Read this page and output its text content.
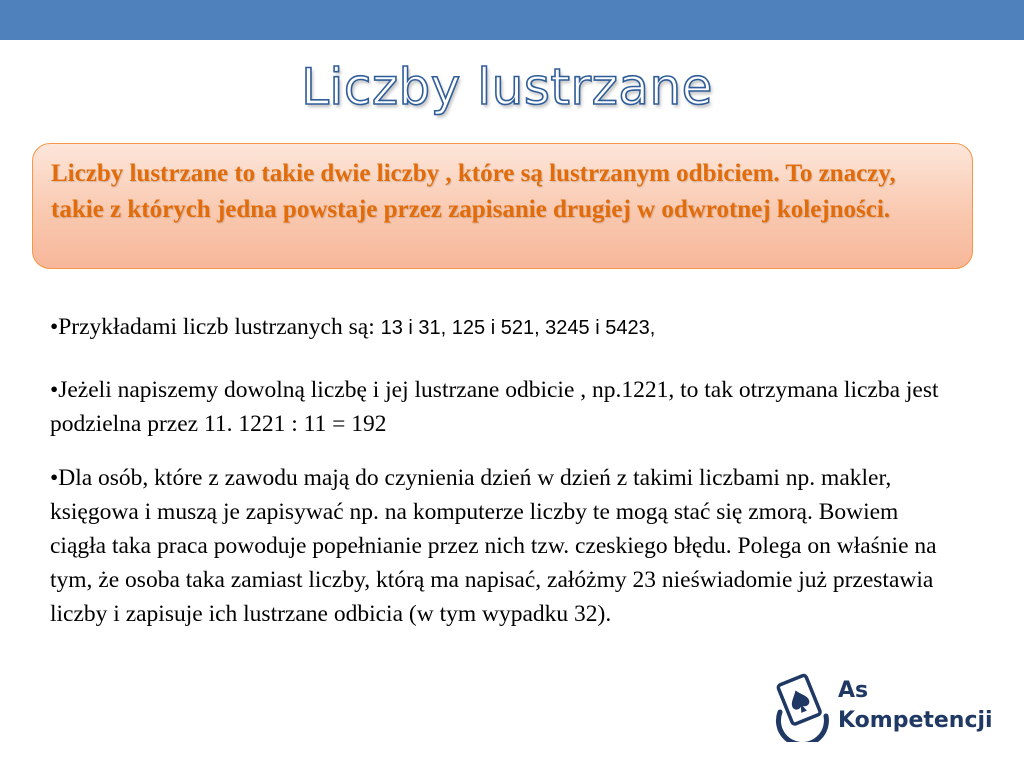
Liczby lustrzane
Liczby lustrzane to takie dwie liczby , które są lustrzanym odbiciem. To znaczy, takie z których jedna powstaje przez zapisanie drugiej w odwrotnej kolejności.

•Przykładami liczb lustrzanych są: 13 i 31, 125 i 521, 3245 i 5423,

•Jeżeli napiszemy dowolną liczbę i jej lustrzane odbicie , np.1221, to tak otrzymana liczba jest podzielna przez 11. 1221 : 11 = 192

•Dla osób, które z zawodu mają do czynienia dzień w dzień z takimi liczbami np. makler, księgowa i muszą je zapisywać np. na komputerze liczby te mogą stać się zmorą. Bowiem ciągła taka praca powoduje popełnianie przez nich tzw. czeskiego błędu. Polega on właśnie na tym, że osoba taka zamiast liczby, którą ma napisać, załóżmy 23 nieświadomie już przestawia liczby i zapisuje ich lustrzane odbicia (w tym wypadku 32).

As
Kompetencji
